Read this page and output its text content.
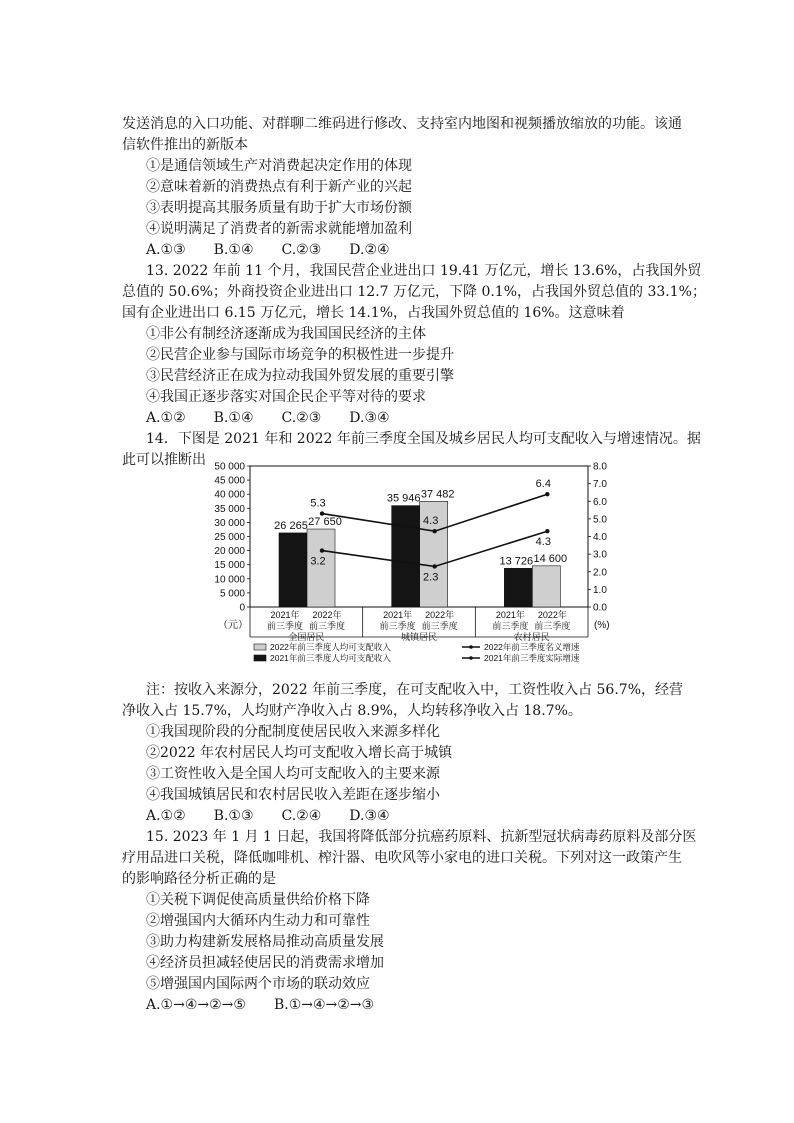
发送消息的入口功能、对群聊二维码进行修改、支持室内地图和视频播放缩放的功能。该通
信软件推出的新版本
①是通信领域生产对消费起决定作用的体现
②意味着新的消费热点有利于新产业的兴起
③表明提高其服务质量有助于扩大市场份额
④说明满足了消费者的新需求就能增加盈利
A.①③　　B.①④　　C.②③　　D.②④
13. 2022 年前 11 个月，我国民营企业进出口 19.41 万亿元，增长 13.6%，占我国外贸
总值的 50.6%；外商投资企业进出口 12.7 万亿元，下降 0.1%，占我国外贸总值的 33.1%；
国有企业进出口 6.15 万亿元，增长 14.1%，占我国外贸总值的 16%。这意味着
①非公有制经济逐渐成为我国国民经济的主体
②民营企业参与国际市场竞争的积极性进一步提升
③民营经济正在成为拉动我国外贸发展的重要引擎
④我国正逐步落实对国企民企平等对待的要求
A.①②　　B.①④　　C.②③　　D.③④
14．下图是 2021 年和 2022 年前三季度全国及城乡居民人均可支配收入与增速情况。据
此可以推断出 50 000
45 000
40 000
35 000
30 000
25 000
20 000
15 000
10 000
5 000
0
8.0
7.0
6.0
5.0
4.0
3.0
2.0
1.0
0.0
（元）	(%)
26 265 27 650
2021年
前三季度
2022年
前三季度
全国居民
35 946 37 482
2021年
前三季度
2022年
前三季度
城镇居民
13 726 14 600
2021年
前三季度
2022年
前三季度
农村居民
5.3
4.3
6.4
3.2
2.3
4.3
2022年前三季度人均可支配收入
2021年前三季度人均可支配收入
2022年前三季度名义增速
2021年前三季度实际增速
注：按收入来源分，2022 年前三季度，在可支配收入中，工资性收入占 56.7%，经营
净收入占 15.7%，人均财产净收入占 8.9%，人均转移净收入占 18.7%。
①我国现阶段的分配制度使居民收入来源多样化
②2022 年农村居民人均可支配收入增长高于城镇
③工资性收入是全国人均可支配收入的主要来源
④我国城镇居民和农村居民收入差距在逐步缩小
A.①②　　B.①③　　C.②④　　D.③④
15. 2023 年 1 月 1 日起，我国将降低部分抗癌药原料、抗新型冠状病毒药原料及部分医
疗用品进口关税，降低咖啡机、榨汁器、电吹风等小家电的进口关税。下列对这一政策产生
的影响路径分析正确的是
①关税下调促使高质量供给价格下降
②增强国内大循环内生动力和可靠性
③助力构建新发展格局推动高质量发展
④经济员担减轻使居民的消费需求增加
⑤增强国内国际两个市场的联动效应
A.①→④→②→⑤　　B.①→④→②→③
